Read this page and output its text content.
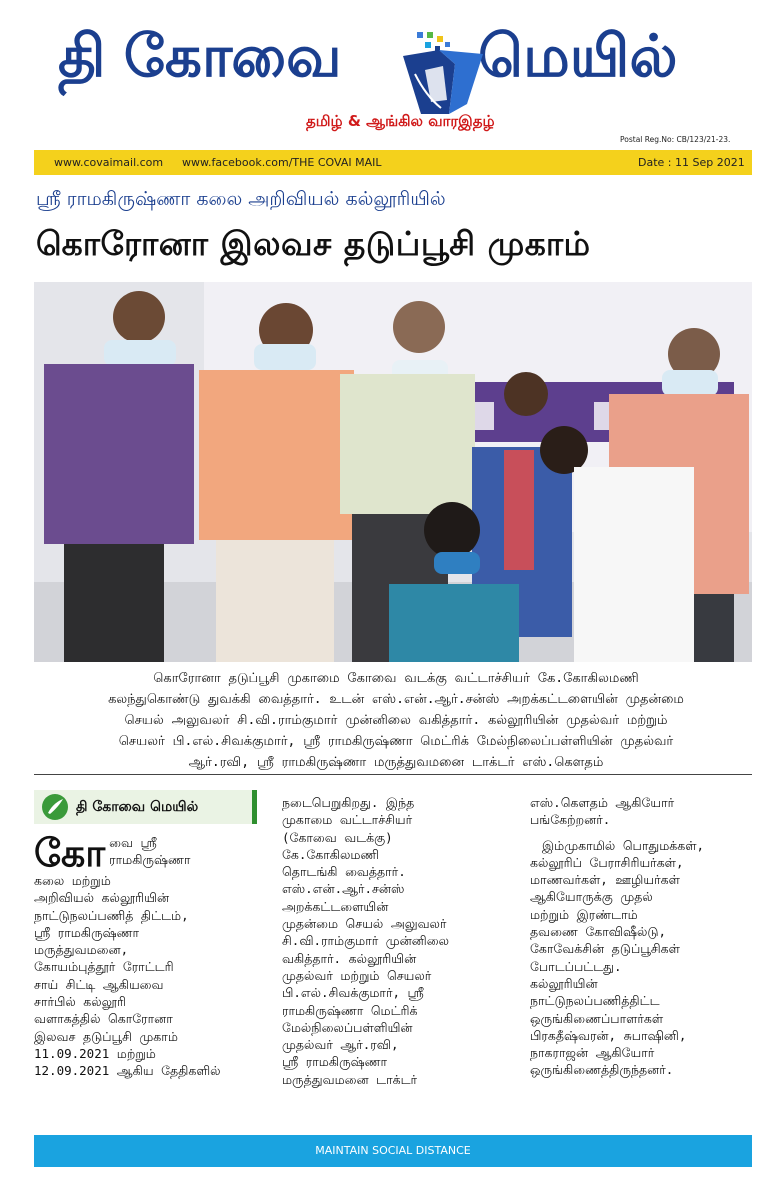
தி கோவை மெயில்
தமிழ் & ஆங்கில வாரஇதழ்
Postal Reg.No: CB/123/21-23.
www.covaimail.com www.facebook.com/THE COVAI MAIL	Date : 11 Sep 2021
ஸ்ரீ ராமகிருஷ்ணா கலை அறிவியல் கல்லூரியில்
கொரோனா இலவச தடுப்பூசி முகாம்
கொரோனா தடுப்பூசி முகாமை கோவை வடக்கு வட்டாச்சியர் கே.கோகிலமணி
கலந்துகொண்டு துவக்கி வைத்தார். உடன் எஸ்.என்.ஆர்.சன்ஸ் அறக்கட்டளையின் முதன்மை
செயல் அலுவலர் சி.வி.ராம்குமார் முன்னிலை வகித்தார். கல்லூரியின் முதல்வர் மற்றும்
செயலர் பி.எல்.சிவக்குமார், ஸ்ரீ ராமகிருஷ்ணா மெட்ரிக் மேல்நிலைப்பள்ளியின் முதல்வர்
ஆர்.ரவி, ஸ்ரீ ராமகிருஷ்ணா மருத்துவமனை டாக்டர் எஸ்.கௌதம்
தி கோவை மெயில்
கோ வை ஸ்ரீ

ராமகிருஷ்ணா

கலை மற்றும்

அறிவியல் கல்லூரியின்

நாட்டுநலப்பணித் திட்டம்,

ஸ்ரீ ராமகிருஷ்ணா

மருத்துவமனை,

கோயம்புத்தூர் ரோட்டரி

சாய் சிட்டி ஆகியவை

சார்பில் கல்லூரி

வளாகத்தில் கொரோனா

இலவச தடுப்பூசி முகாம்

11.09.2021 மற்றும்

12.09.2021 ஆகிய தேதிகளில்

நடைபெறுகிறது. இந்த

முகாமை வட்டாச்சியர்

(கோவை வடக்கு)

கே.கோகிலமணி

தொடங்கி வைத்தார்.

எஸ்.என்.ஆர்.சன்ஸ்

அறக்கட்டளையின்

முதன்மை செயல் அலுவலர்

சி.வி.ராம்குமார் முன்னிலை

வகித்தார். கல்லூரியின்

முதல்வர் மற்றும் செயலர்

பி.எல்.சிவக்குமார், ஸ்ரீ

ராமகிருஷ்ணா மெட்ரிக்

மேல்நிலைப்பள்ளியின்

முதல்வர் ஆர்.ரவி,

ஸ்ரீ ராமகிருஷ்ணா

மருத்துவமனை டாக்டர்

எஸ்.கௌதம் ஆகியோர்

பங்கேற்றனர்.

இம்முகாமில் பொதுமக்கள்,

கல்லூரிப் பேராசிரியர்கள்,

மாணவர்கள், ஊழியர்கள்

ஆகியோருக்கு முதல்

மற்றும் இரண்டாம்

தவணை கோவிஷீல்டு,

கோவேக்சின் தடுப்பூசிகள்

போடப்பட்டது.

கல்லூரியின்

நாட்டுநலப்பணித்திட்ட

ஒருங்கிணைப்பாளர்கள்

பிரகதீஷ்வரன், சுபாஷினி,

நாகராஜன் ஆகியோர்

ஒருங்கிணைத்திருந்தனர்.

MAINTAIN SOCIAL DISTANCE
